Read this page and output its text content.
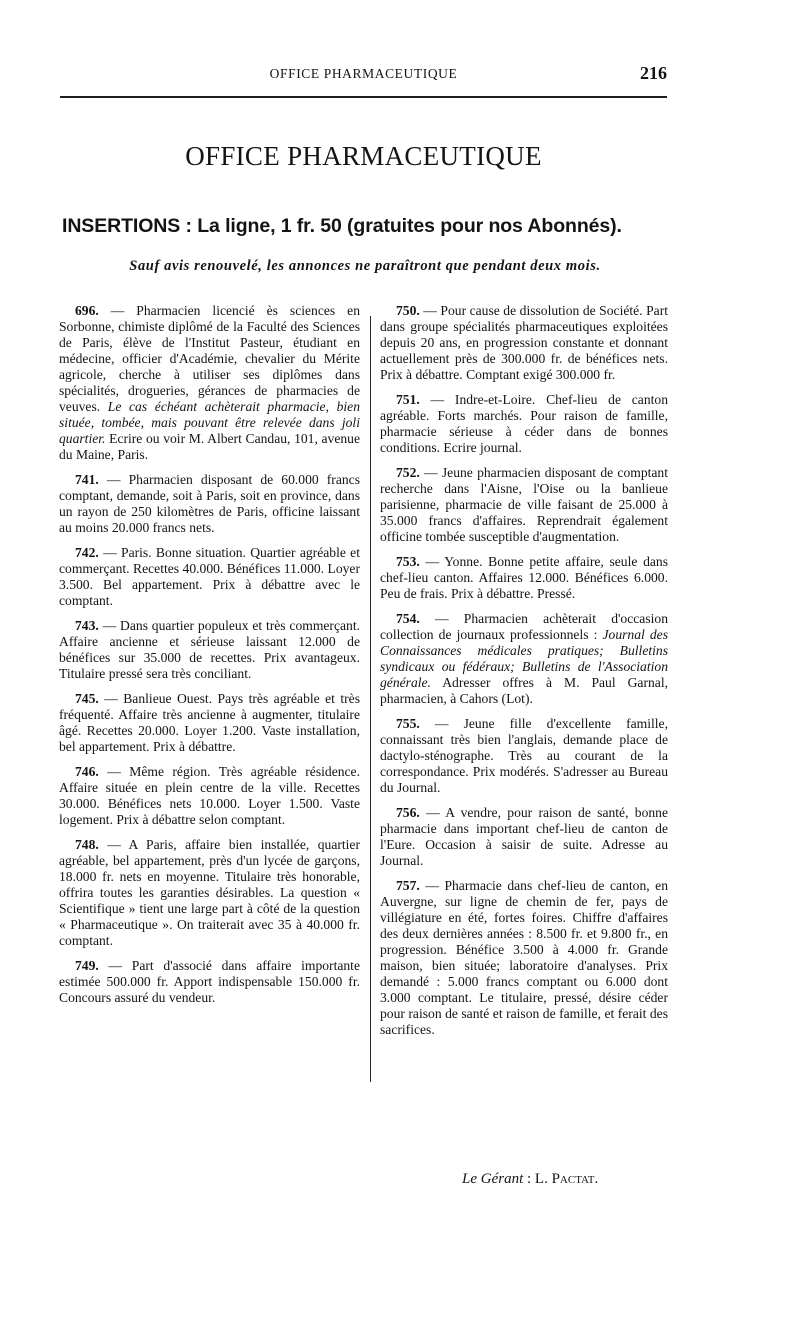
OFFICE PHARMACEUTIQUE	216
OFFICE PHARMACEUTIQUE
INSERTIONS : La ligne, 1 fr. 50 (gratuites pour nos Abonnés).
Sauf avis renouvelé, les annonces ne paraîtront que pendant deux mois.

696. — Pharmacien licencié ès sciences en Sorbonne, chimiste diplômé de la Faculté des Sciences de Paris, élève de l'Institut Pasteur, étudiant en médecine, officier d'Académie, chevalier du Mérite agricole, cherche à utiliser ses diplômes dans spécialités, drogueries, gérances de pharmacies de veuves. Le cas échéant achèterait pharmacie, bien située, tombée, mais pouvant être relevée dans joli quartier. Ecrire ou voir M. Albert Candau, 101, avenue du Maine, Paris.

741. — Pharmacien disposant de 60.000 francs comptant, demande, soit à Paris, soit en province, dans un rayon de 250 kilomètres de Paris, officine laissant au moins 20.000 francs nets.

742. — Paris. Bonne situation. Quartier agréable et commerçant. Recettes 40.000. Bénéfices 11.000. Loyer 3.500. Bel appartement. Prix à débattre avec le comptant.

743. — Dans quartier populeux et très commerçant. Affaire ancienne et sérieuse laissant 12.000 de bénéfices sur 35.000 de recettes. Prix avantageux. Titulaire pressé sera très conciliant.

745. — Banlieue Ouest. Pays très agréable et très fréquenté. Affaire très ancienne à augmenter, titulaire âgé. Recettes 20.000. Loyer 1.200. Vaste installation, bel appartement. Prix à débattre.

746. — Même région. Très agréable résidence. Affaire située en plein centre de la ville. Recettes 30.000. Bénéfices nets 10.000. Loyer 1.500. Vaste logement. Prix à débattre selon comptant.

748. — A Paris, affaire bien installée, quartier agréable, bel appartement, près d'un lycée de garçons, 18.000 fr. nets en moyenne. Titulaire très honorable, offrira toutes les garanties désirables. La question « Scientifique » tient une large part à côté de la question « Pharmaceutique ». On traiterait avec 35 à 40.000 fr. comptant.

749. — Part d'associé dans affaire importante estimée 500.000 fr. Apport indispensable 150.000 fr. Concours assuré du vendeur.

750. — Pour cause de dissolution de Société. Part dans groupe spécialités pharmaceutiques exploitées depuis 20 ans, en progression constante et donnant actuellement près de 300.000 fr. de bénéfices nets. Prix à débattre. Comptant exigé 300.000 fr.

751. — Indre-et-Loire. Chef-lieu de canton agréable. Forts marchés. Pour raison de famille, pharmacie sérieuse à céder dans de bonnes conditions. Ecrire journal.

752. — Jeune pharmacien disposant de comptant recherche dans l'Aisne, l'Oise ou la banlieue parisienne, pharmacie de ville faisant de 25.000 à 35.000 francs d'affaires. Reprendrait également officine tombée susceptible d'augmentation.

753. — Yonne. Bonne petite affaire, seule dans chef-lieu canton. Affaires 12.000. Bénéfices 6.000. Peu de frais. Prix à débattre. Pressé.

754. — Pharmacien achèterait d'occasion collection de journaux professionnels : Journal des Connaissances médicales pratiques; Bulletins syndicaux ou fédéraux; Bulletins de l'Association générale. Adresser offres à M. Paul Garnal, pharmacien, à Cahors (Lot).

755. — Jeune fille d'excellente famille, connaissant très bien l'anglais, demande place de dactylo-sténographe. Très au courant de la correspondance. Prix modérés. S'adresser au Bureau du Journal.

756. — A vendre, pour raison de santé, bonne pharmacie dans important chef-lieu de canton de l'Eure. Occasion à saisir de suite. Adresse au Journal.

757. — Pharmacie dans chef-lieu de canton, en Auvergne, sur ligne de chemin de fer, pays de villégiature en été, fortes foires. Chiffre d'affaires des deux dernières années : 8.500 fr. et 9.800 fr., en progression. Bénéfice 3.500 à 4.000 fr. Grande maison, bien située; laboratoire d'analyses. Prix demandé : 5.000 francs comptant ou 6.000 dont 3.000 comptant. Le titulaire, pressé, désire céder pour raison de santé et raison de famille, et ferait des sacrifices.

Le Gérant : L. Pactat.
